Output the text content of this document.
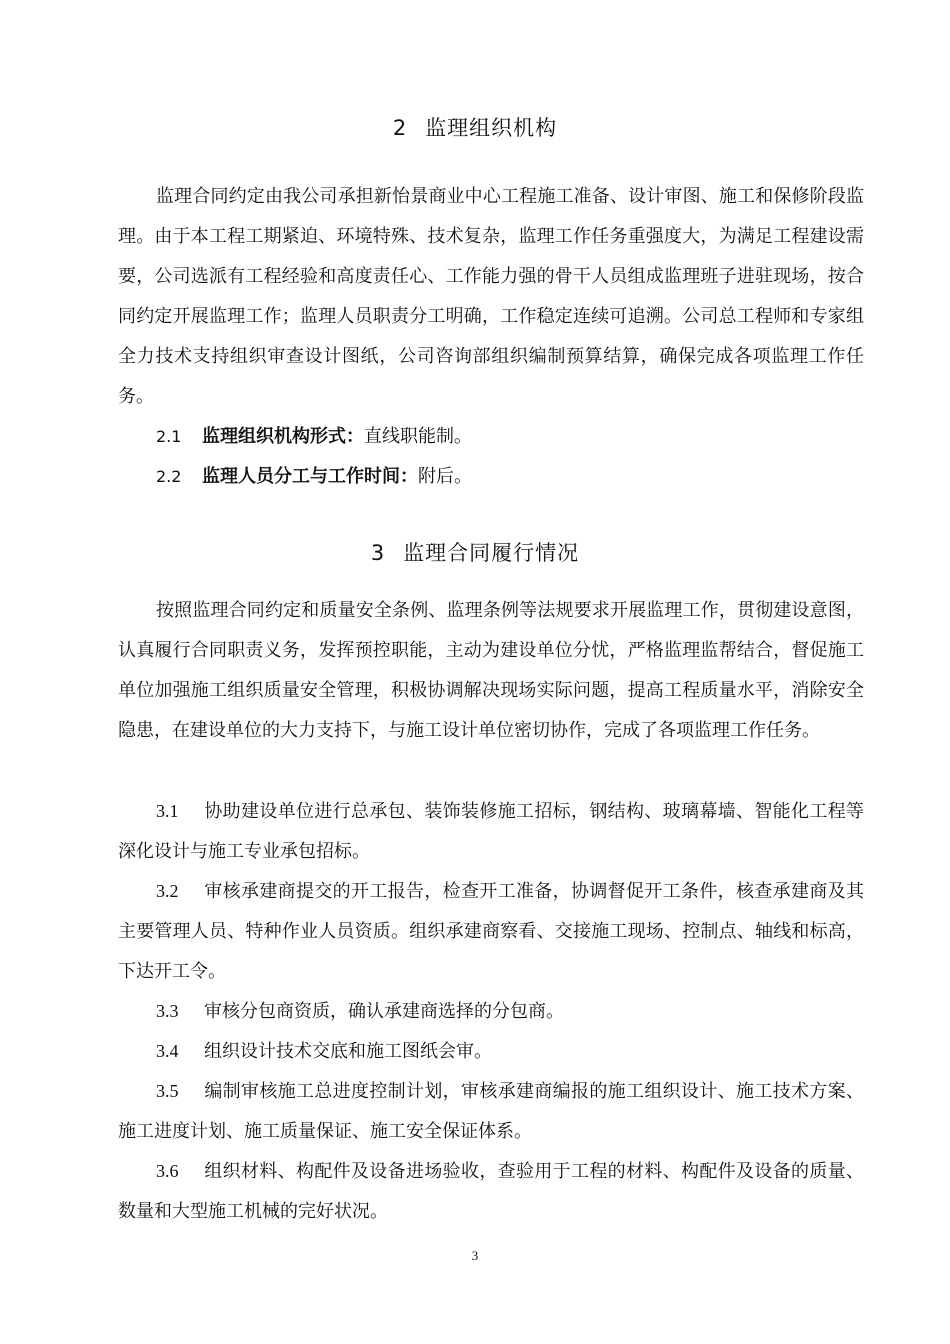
2 监理组织机构

监理合同约定由我公司承担新怡景商业中心工程施工准备、设计审图、施工和保修阶段监理。由于本工程工期紧迫、环境特殊、技术复杂，监理工作任务重强度大，为满足工程建设需要，公司选派有工程经验和高度责任心、工作能力强的骨干人员组成监理班子进驻现场，按合同约定开展监理工作；监理人员职责分工明确，工作稳定连续可追溯。公司总工程师和专家组全力技术支持组织审查设计图纸，公司咨询部组织编制预算结算，确保完成各项监理工作任务。

2.1 监理组织机构形式：直线职能制。
2.2 监理人员分工与工作时间：附后。
3 监理合同履行情况

按照监理合同约定和质量安全条例、监理条例等法规要求开展监理工作，贯彻建设意图，认真履行合同职责义务，发挥预控职能，主动为建设单位分忧，严格监理监帮结合，督促施工单位加强施工组织质量安全管理，积极协调解决现场实际问题，提高工程质量水平，消除安全隐患，在建设单位的大力支持下，与施工设计单位密切协作，完成了各项监理工作任务。

3.1 协助建设单位进行总承包、装饰装修施工招标，钢结构、玻璃幕墙、智能化工程等深化设计与施工专业承包招标。

3.2 审核承建商提交的开工报告，检查开工准备，协调督促开工条件，核查承建商及其主要管理人员、特种作业人员资质。组织承建商察看、交接施工现场、控制点、轴线和标高，下达开工令。

3.3 审核分包商资质，确认承建商选择的分包商。

3.4 组织设计技术交底和施工图纸会审。

3.5 编制审核施工总进度控制计划，审核承建商编报的施工组织设计、施工技术方案、施工进度计划、施工质量保证、施工安全保证体系。

3.6 组织材料、构配件及设备进场验收，查验用于工程的材料、构配件及设备的质量、数量和大型施工机械的完好状况。

3
